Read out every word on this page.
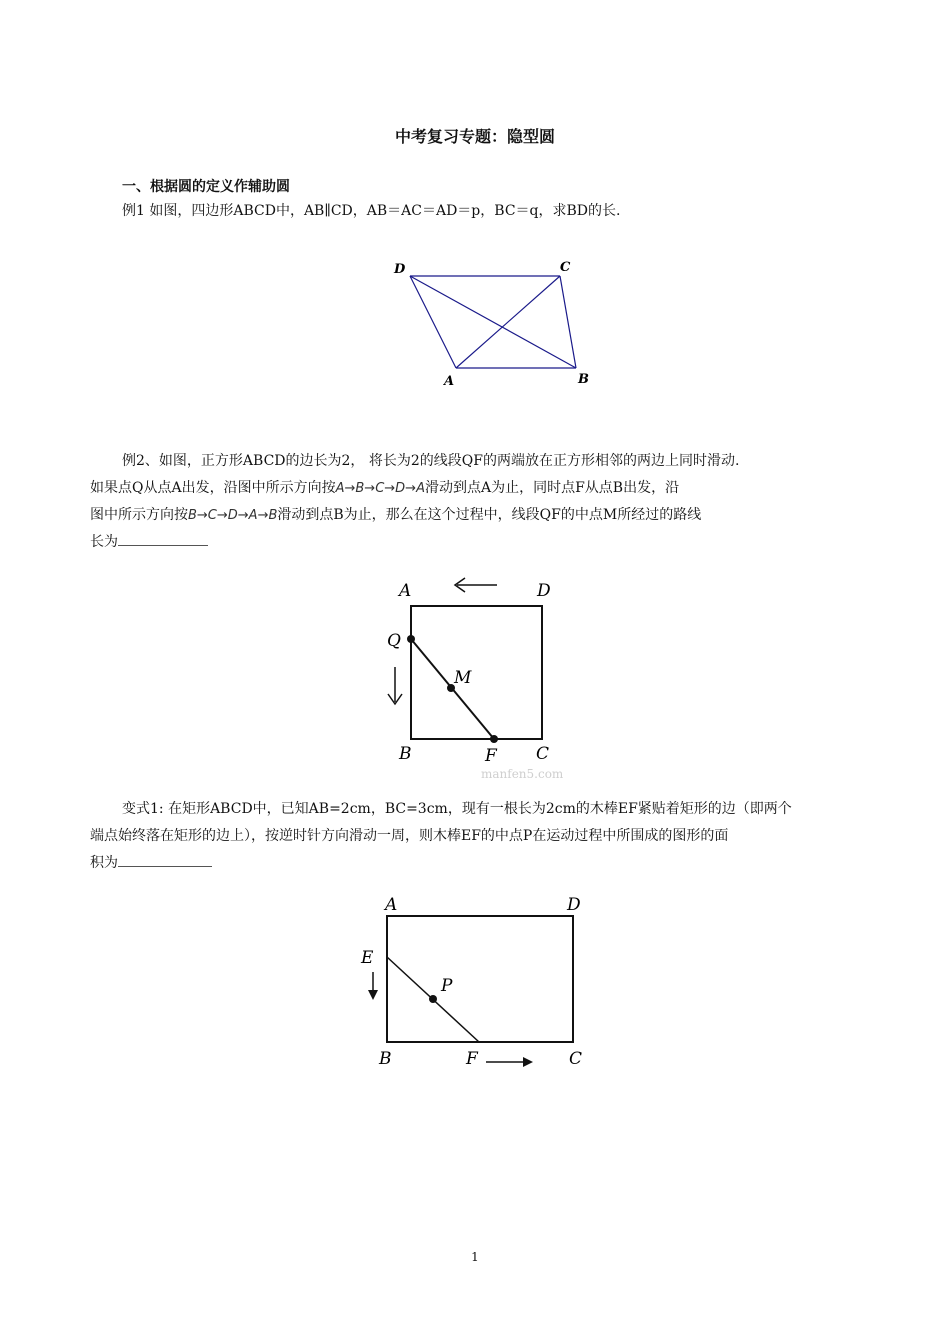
中考复习专题：隐型圆
一、根据圆的定义作辅助圆
例1 如图，四边形ABCD中，AB∥CD，AB＝AC＝AD＝p，BC＝q，求BD的长.
D	C
A	B
例2、如图，正方形ABCD的边长为2， 将长为2的线段QF的两端放在正方形相邻的两边上同时滑动.
如果点Q从点A出发，沿图中所示方向按A→B→C→D→A滑动到点A为止，同时点F从点B出发，沿
图中所示方向按B→C→D→A→B滑动到点B为止，那么在这个过程中，线段QF的中点M所经过的路线
长为
A	D
Q
M
B	F C
manfen5.com
变式1: 在矩形ABCD中，已知AB=2cm，BC=3cm，现有一根长为2cm的木棒EF紧贴着矩形的边（即两个
端点始终落在矩形的边上），按逆时针方向滑动一周，则木棒EF的中点P在运动过程中所围成的图形的面
积为
A	D
E
P
B	F	C
1
